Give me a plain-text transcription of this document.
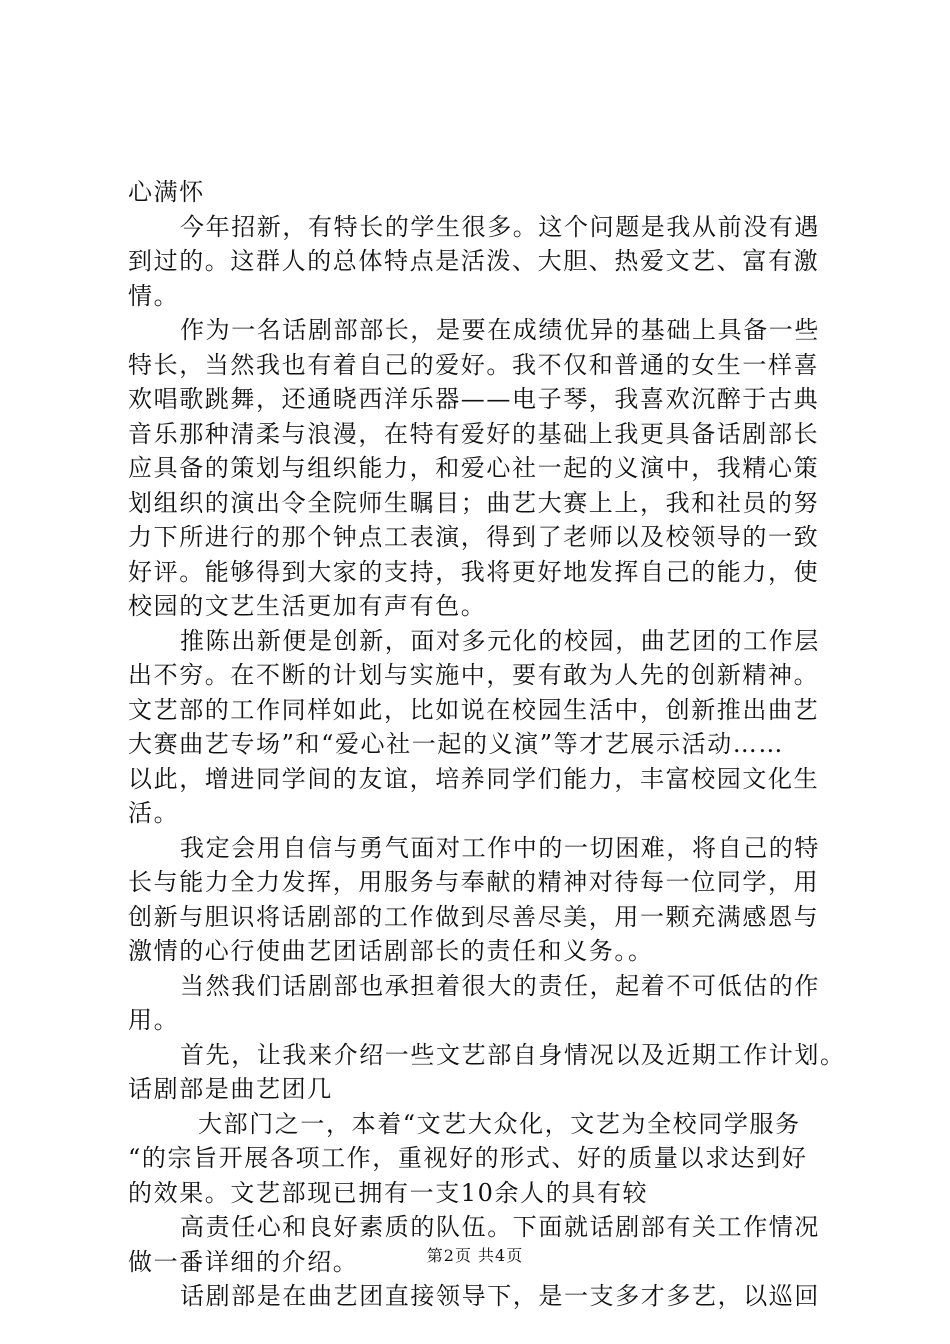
心满怀
今年招新，有特长的学生很多。这个问题是我从前没有遇
到过的。这群人的总体特点是活泼、大胆、热爱文艺、富有激
情。
作为一名话剧部部长，是要在成绩优异的基础上具备一些
特长，当然我也有着自己的爱好。我不仅和普通的女生一样喜
欢唱歌跳舞，还通晓西洋乐器——电子琴，我喜欢沉醉于古典
音乐那种清柔与浪漫，在特有爱好的基础上我更具备话剧部长
应具备的策划与组织能力，和爱心社一起的义演中，我精心策
划组织的演出令全院师生瞩目；曲艺大赛上上，我和社员的努
力下所进行的那个钟点工表演，得到了老师以及校领导的一致
好评。能够得到大家的支持，我将更好地发挥自己的能力，使
校园的文艺生活更加有声有色。
推陈出新便是创新，面对多元化的校园，曲艺团的工作层
出不穷。在不断的计划与实施中，要有敢为人先的创新精神。
文艺部的工作同样如此，比如说在校园生活中，创新推出曲艺
大赛曲艺专场”和“爱心社一起的义演”等才艺展示活动……
以此，增进同学间的友谊，培养同学们能力，丰富校园文化生
活。
我定会用自信与勇气面对工作中的一切困难，将自己的特
长与能力全力发挥，用服务与奉献的精神对待每一位同学，用
创新与胆识将话剧部的工作做到尽善尽美，用一颗充满感恩与
激情的心行使曲艺团话剧部长的责任和义务。。
当然我们话剧部也承担着很大的责任，起着不可低估的作
用。
首先，让我来介绍一些文艺部自身情况以及近期工作计划。
话剧部是曲艺团几
大部门之一，本着“文艺大众化，文艺为全校同学服务
“的宗旨开展各项工作，重视好的形式、好的质量以求达到好
的效果。文艺部现已拥有一支10余人的具有较
高责任心和良好素质的队伍。下面就话剧部有关工作情况
做一番详细的介绍。
话剧部是在曲艺团直接领导下，是一支多才多艺，以巡回
第2页 共4页
